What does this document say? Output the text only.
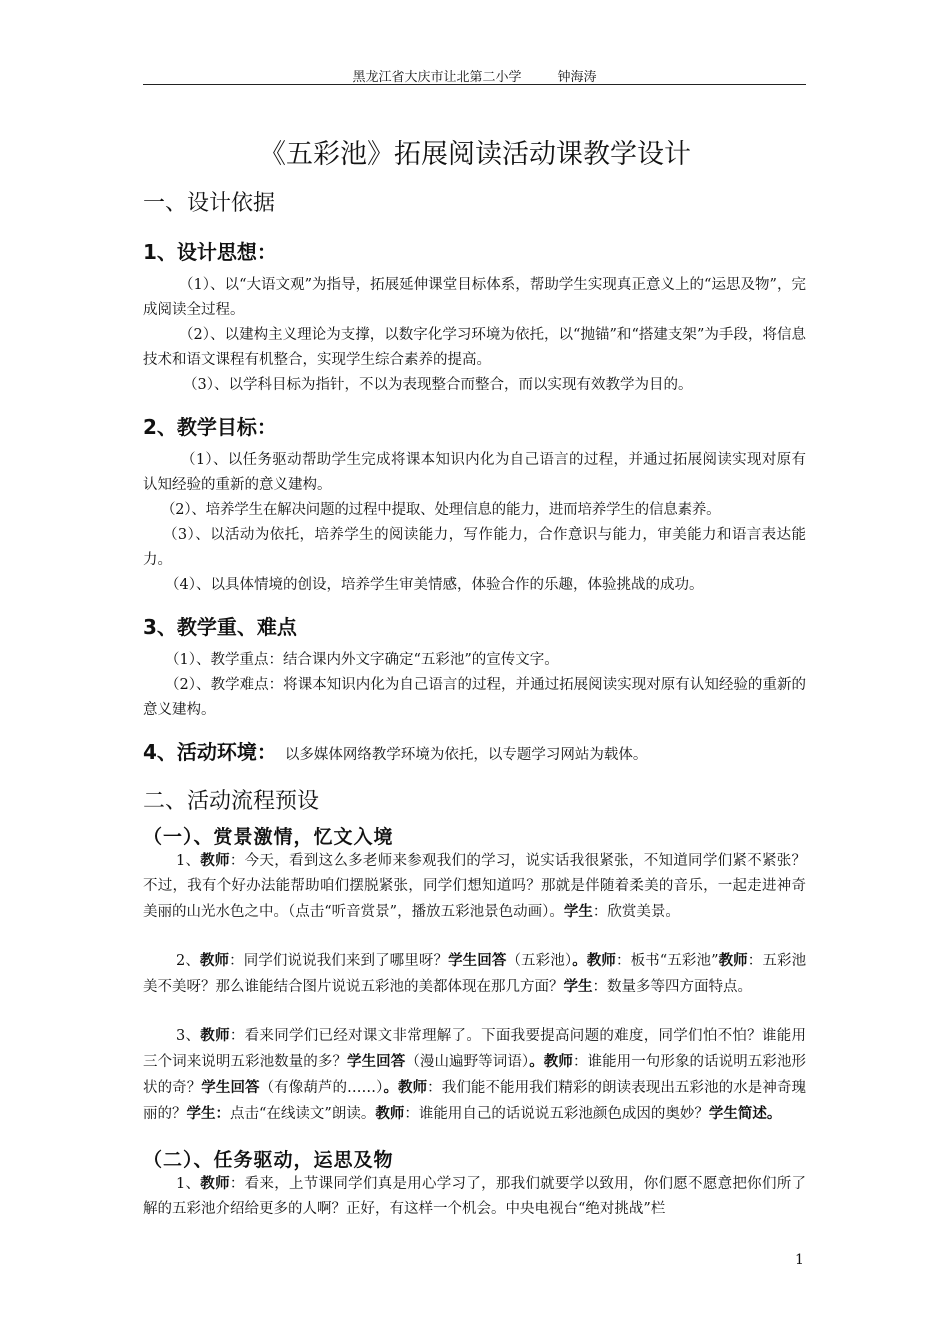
黑龙江省大庆市让北第二小学	钟海涛
《五彩池》拓展阅读活动课教学设计
一、设计依据
1、设计思想：

（1）、以“大语文观”为指导，拓展延伸课堂目标体系，帮助学生实现真正意义上的“运思及物”，完成阅读全过程。

（2）、以建构主义理论为支撑，以数字化学习环境为依托，以“抛锚”和“搭建支架”为手段，将信息技术和语文课程有机整合，实现学生综合素养的提高。

（3）、以学科目标为指针，不以为表现整合而整合，而以实现有效教学为目的。

2、教学目标：

（1）、以任务驱动帮助学生完成将课本知识内化为自己语言的过程，并通过拓展阅读实现对原有认知经验的重新的意义建构。

（2）、培养学生在解决问题的过程中提取、处理信息的能力，进而培养学生的信息素养。

（3）、以活动为依托，培养学生的阅读能力，写作能力，合作意识与能力，审美能力和语言表达能力。

（4）、以具体情境的创设，培养学生审美情感，体验合作的乐趣，体验挑战的成功。

3、教学重、难点

（1）、教学重点：结合课内外文字确定“五彩池”的宣传文字。

（2）、教学难点：将课本知识内化为自己语言的过程，并通过拓展阅读实现对原有认知经验的重新的意义建构。

4、活动环境： 以多媒体网络教学环境为依托，以专题学习网站为载体。
二、活动流程预设
（一）、赏景激情，忆文入境

1、教师：今天，看到这么多老师来参观我们的学习，说实话我很紧张，不知道同学们紧不紧张？不过，我有个好办法能帮助咱们摆脱紧张，同学们想知道吗？那就是伴随着柔美的音乐，一起走进神奇美丽的山光水色之中。（点击“听音赏景”，播放五彩池景色动画）。学生：欣赏美景。

2、教师：同学们说说我们来到了哪里呀？学生回答（五彩池）。教师：板书“五彩池”教师：五彩池美不美呀？那么谁能结合图片说说五彩池的美都体现在那几方面？学生：数量多等四方面特点。

3、教师：看来同学们已经对课文非常理解了。下面我要提高问题的难度，同学们怕不怕？谁能用三个词来说明五彩池数量的多？学生回答（漫山遍野等词语）。教师：谁能用一句形象的话说明五彩池形状的奇？学生回答（有像葫芦的……）。教师：我们能不能用我们精彩的朗读表现出五彩池的水是神奇瑰丽的？学生：点击“在线读文”朗读。教师：谁能用自己的话说说五彩池颜色成因的奥妙？学生简述。

（二）、任务驱动，运思及物

1、教师：看来，上节课同学们真是用心学习了，那我们就要学以致用，你们愿不愿意把你们所了解的五彩池介绍给更多的人啊？正好，有这样一个机会。中央电视台“绝对挑战”栏

1
